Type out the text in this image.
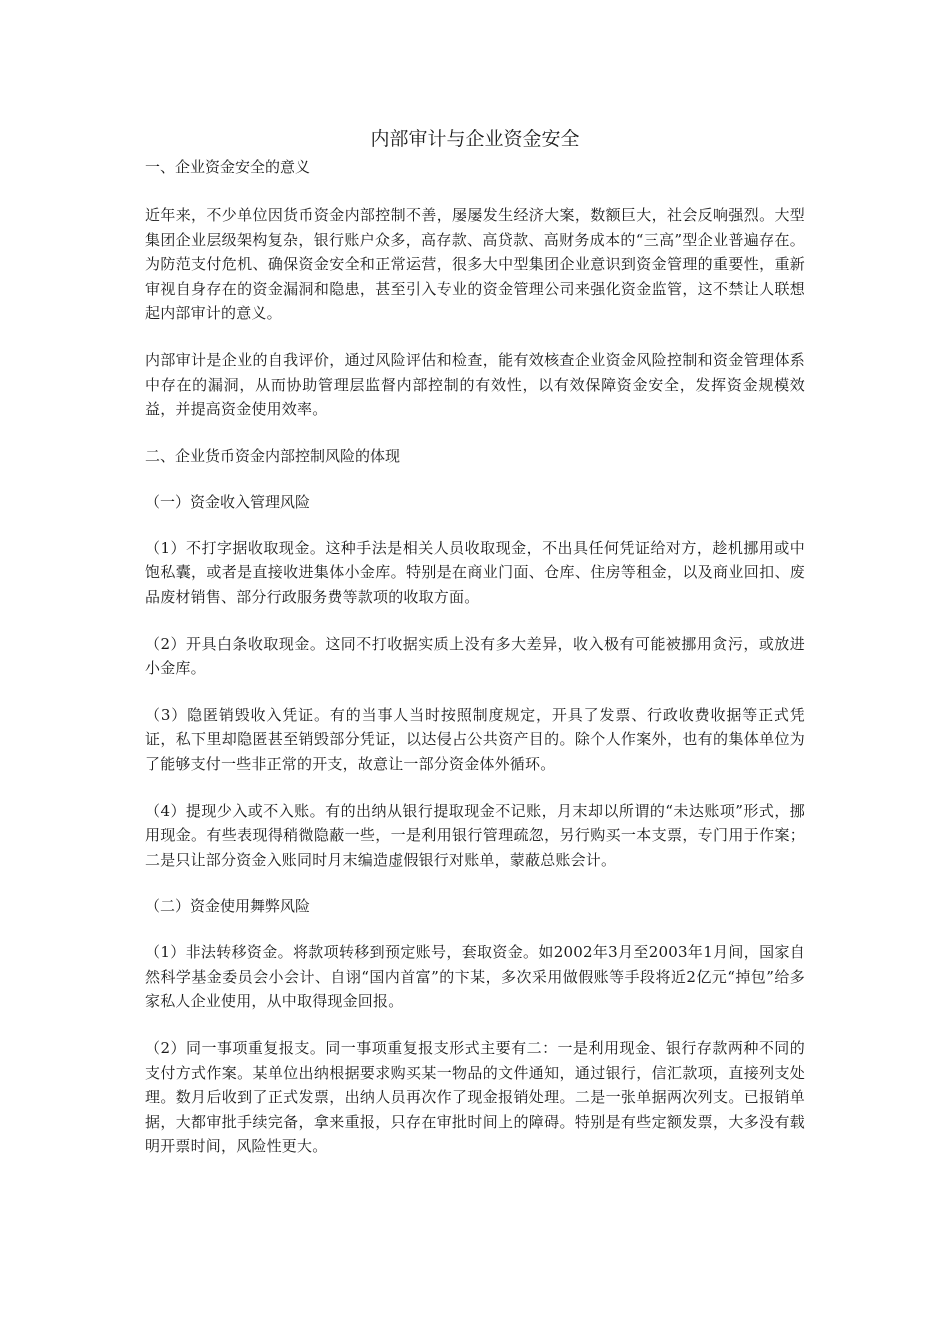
内部审计与企业资金安全

一、企业资金安全的意义

近年来，不少单位因货币资金内部控制不善，屡屡发生经济大案，数额巨大，社会反响强烈。大型集团企业层级架构复杂，银行账户众多，高存款、高贷款、高财务成本的“三高”型企业普遍存在。为防范支付危机、确保资金安全和正常运营，很多大中型集团企业意识到资金管理的重要性，重新审视自身存在的资金漏洞和隐患，甚至引入专业的资金管理公司来强化资金监管，这不禁让人联想起内部审计的意义。

内部审计是企业的自我评价，通过风险评估和检查，能有效核查企业资金风险控制和资金管理体系中存在的漏洞，从而协助管理层监督内部控制的有效性，以有效保障资金安全，发挥资金规模效益，并提高资金使用效率。

二、企业货币资金内部控制风险的体现

（一）资金收入管理风险

（1）不打字据收取现金。这种手法是相关人员收取现金，不出具任何凭证给对方，趁机挪用或中饱私囊，或者是直接收进集体小金库。特别是在商业门面、仓库、住房等租金，以及商业回扣、废品废材销售、部分行政服务费等款项的收取方面。

（2）开具白条收取现金。这同不打收据实质上没有多大差异，收入极有可能被挪用贪污，或放进小金库。

（3）隐匿销毁收入凭证。有的当事人当时按照制度规定，开具了发票、行政收费收据等正式凭证，私下里却隐匿甚至销毁部分凭证，以达侵占公共资产目的。除个人作案外，也有的集体单位为了能够支付一些非正常的开支，故意让一部分资金体外循环。

（4）提现少入或不入账。有的出纳从银行提取现金不记账，月末却以所谓的“未达账项”形式，挪用现金。有些表现得稍微隐蔽一些，一是利用银行管理疏忽，另行购买一本支票，专门用于作案；二是只让部分资金入账同时月末编造虚假银行对账单，蒙蔽总账会计。

（二）资金使用舞弊风险

（1）非法转移资金。将款项转移到预定账号，套取资金。如2002年3月至2003年1月间，国家自然科学基金委员会小会计、自诩“国内首富”的卞某，多次采用做假账等手段将近2亿元“掉包”给多家私人企业使用，从中取得现金回报。

（2）同一事项重复报支。同一事项重复报支形式主要有二：一是利用现金、银行存款两种不同的支付方式作案。某单位出纳根据要求购买某一物品的文件通知，通过银行，信汇款项，直接列支处理。数月后收到了正式发票，出纳人员再次作了现金报销处理。二是一张单据两次列支。已报销单据，大都审批手续完备，拿来重报，只存在审批时间上的障碍。特别是有些定额发票，大多没有载明开票时间，风险性更大。
